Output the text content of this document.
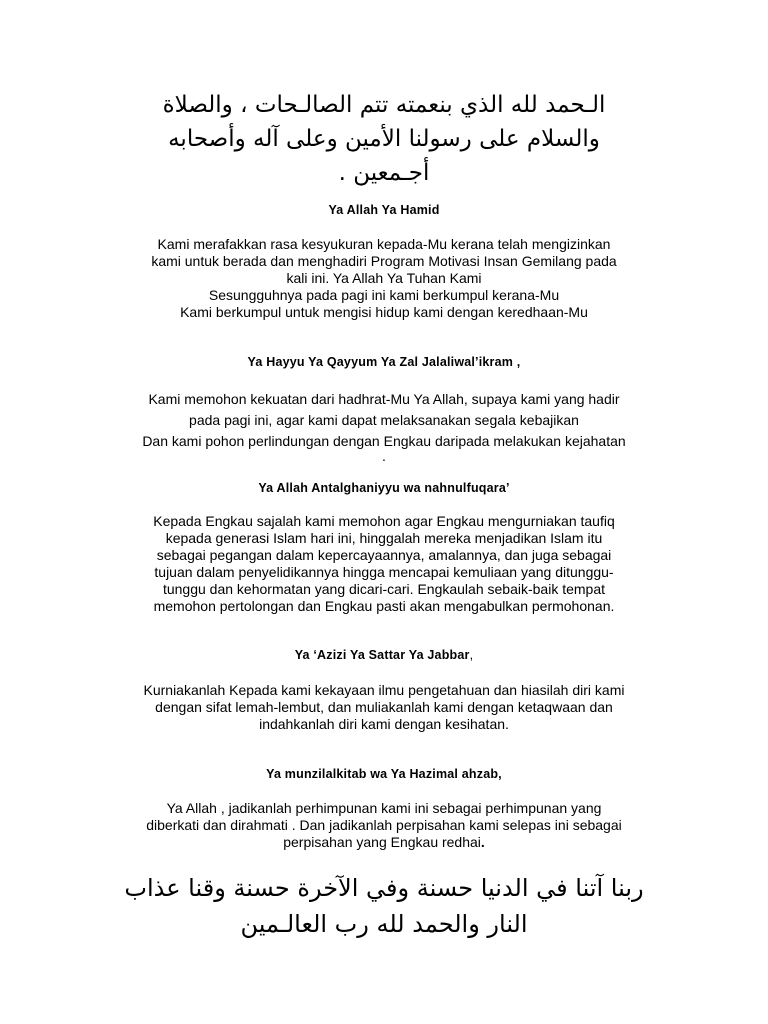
الـحمد لله الذي بنعمته تتم الصالـحات ، والصلاة
والسلام على رسولنا الأمين وعلى آله وأصحابه
أجـمعين .

Ya Allah Ya Hamid

Kami merafakkan rasa kesyukuran kepada-Mu kerana telah mengizinkan
kami untuk berada dan menghadiri Program Motivasi Insan Gemilang pada
kali ini. Ya Allah Ya Tuhan Kami
Sesungguhnya pada pagi ini kami berkumpul kerana-Mu
Kami berkumpul untuk mengisi hidup kami dengan keredhaan-Mu

Ya Hayyu Ya Qayyum Ya Zal Jalaliwal’ikram ,

Kami memohon kekuatan dari hadhrat-Mu Ya Allah, supaya kami yang hadir
pada pagi ini, agar kami dapat melaksanakan segala kebajikan
Dan kami pohon perlindungan dengan Engkau daripada melakukan kejahatan
.

Ya Allah Antalghaniyyu wa nahnulfuqara’

Kepada Engkau sajalah kami memohon agar Engkau mengurniakan taufiq
kepada generasi Islam hari ini, hinggalah mereka menjadikan Islam itu
sebagai pegangan dalam kepercayaannya, amalannya, dan juga sebagai
tujuan dalam penyelidikannya hingga mencapai kemuliaan yang ditunggu-
tunggu dan kehormatan yang dicari-cari. Engkaulah sebaik-baik tempat
memohon pertolongan dan Engkau pasti akan mengabulkan permohonan.

Ya ‘Azizi Ya Sattar Ya Jabbar,

Kurniakanlah Kepada kami kekayaan ilmu pengetahuan dan hiasilah diri kami
dengan sifat lemah-lembut, dan muliakanlah kami dengan ketaqwaan dan
indahkanlah diri kami dengan kesihatan.

Ya munzilalkitab wa Ya Hazimal ahzab,

Ya Allah , jadikanlah perhimpunan kami ini sebagai perhimpunan yang
diberkati dan dirahmati . Dan jadikanlah perpisahan kami selepas ini sebagai
perpisahan yang Engkau redhai.

ربنا آتنا في الدنيا حسنة وفي الآخرة حسنة وقنا عذاب
النار والحمد لله رب العالـمين
